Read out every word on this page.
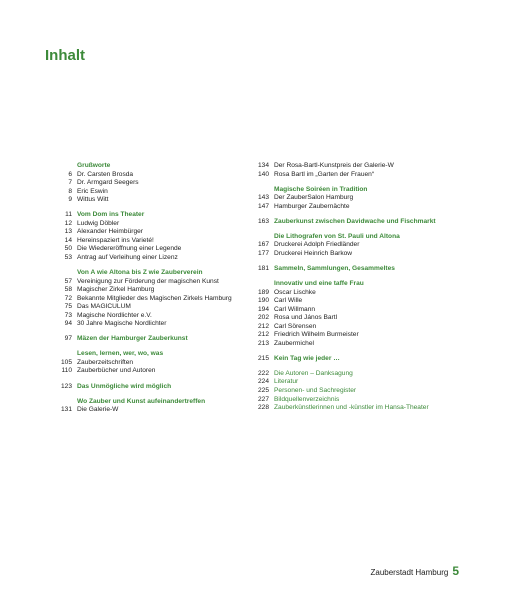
Inhalt
Grußworte
6 Dr. Carsten Brosda
7 Dr. Armgard Seegers
8 Eric Eswin
9 Wittus Witt
11 Vom Dom ins Theater
12 Ludwig Döbler
13 Alexander Heimbürger
14 Hereinspaziert ins Varieté!
50 Die Wiedereröffnung einer Legende
53 Antrag auf Verleihung einer Lizenz
Von A wie Altona bis Z wie Zauberverein
57 Vereinigung zur Förderung der magischen Kunst
58 Magischer Zirkel Hamburg
72 Bekannte Mitglieder des Magischen Zirkels Hamburg
75 Das MAGICULUM
73 Magische Nordlichter e.V.
94 30 Jahre Magische Nordlichter
97 Mäzen der Hamburger Zauberkunst
Lesen, lernen, wer, wo, was
105 Zauberzeitschriften
110 Zauberbücher und Autoren
123 Das Unmögliche wird möglich
Wo Zauber und Kunst aufeinandertreffen
131 Die Galerie-W
134 Der Rosa-Bartl-Kunstpreis der Galerie-W
140 Rosa Bartl im „Garten der Frauen“
Magische Soiréen in Tradition
143 Der ZauberSalon Hamburg
147 Hamburger Zaubernächte
163 Zauberkunst zwischen Davidwache und Fischmarkt
Die Lithografen von St. Pauli und Altona
167 Druckerei Adolph Friedländer
177 Druckerei Heinrich Barkow
181 Sammeln, Sammlungen, Gesammeltes
Innovativ und eine taffe Frau
189 Oscar Lischke
190 Carl Wille
194 Carl Willmann
202 Rosa und János Bartl
212 Carl Sörensen
212 Friedrich Wilhelm Burmeister
213 Zaubermichel
215 Kein Tag wie jeder …
222 Die Autoren – Danksagung
224 Literatur
225 Personen- und Sachregister
227 Bildquellenverzeichnis
228 Zauberkünstlerinnen und -künstler im Hansa-Theater
Zauberstadt Hamburg 5
